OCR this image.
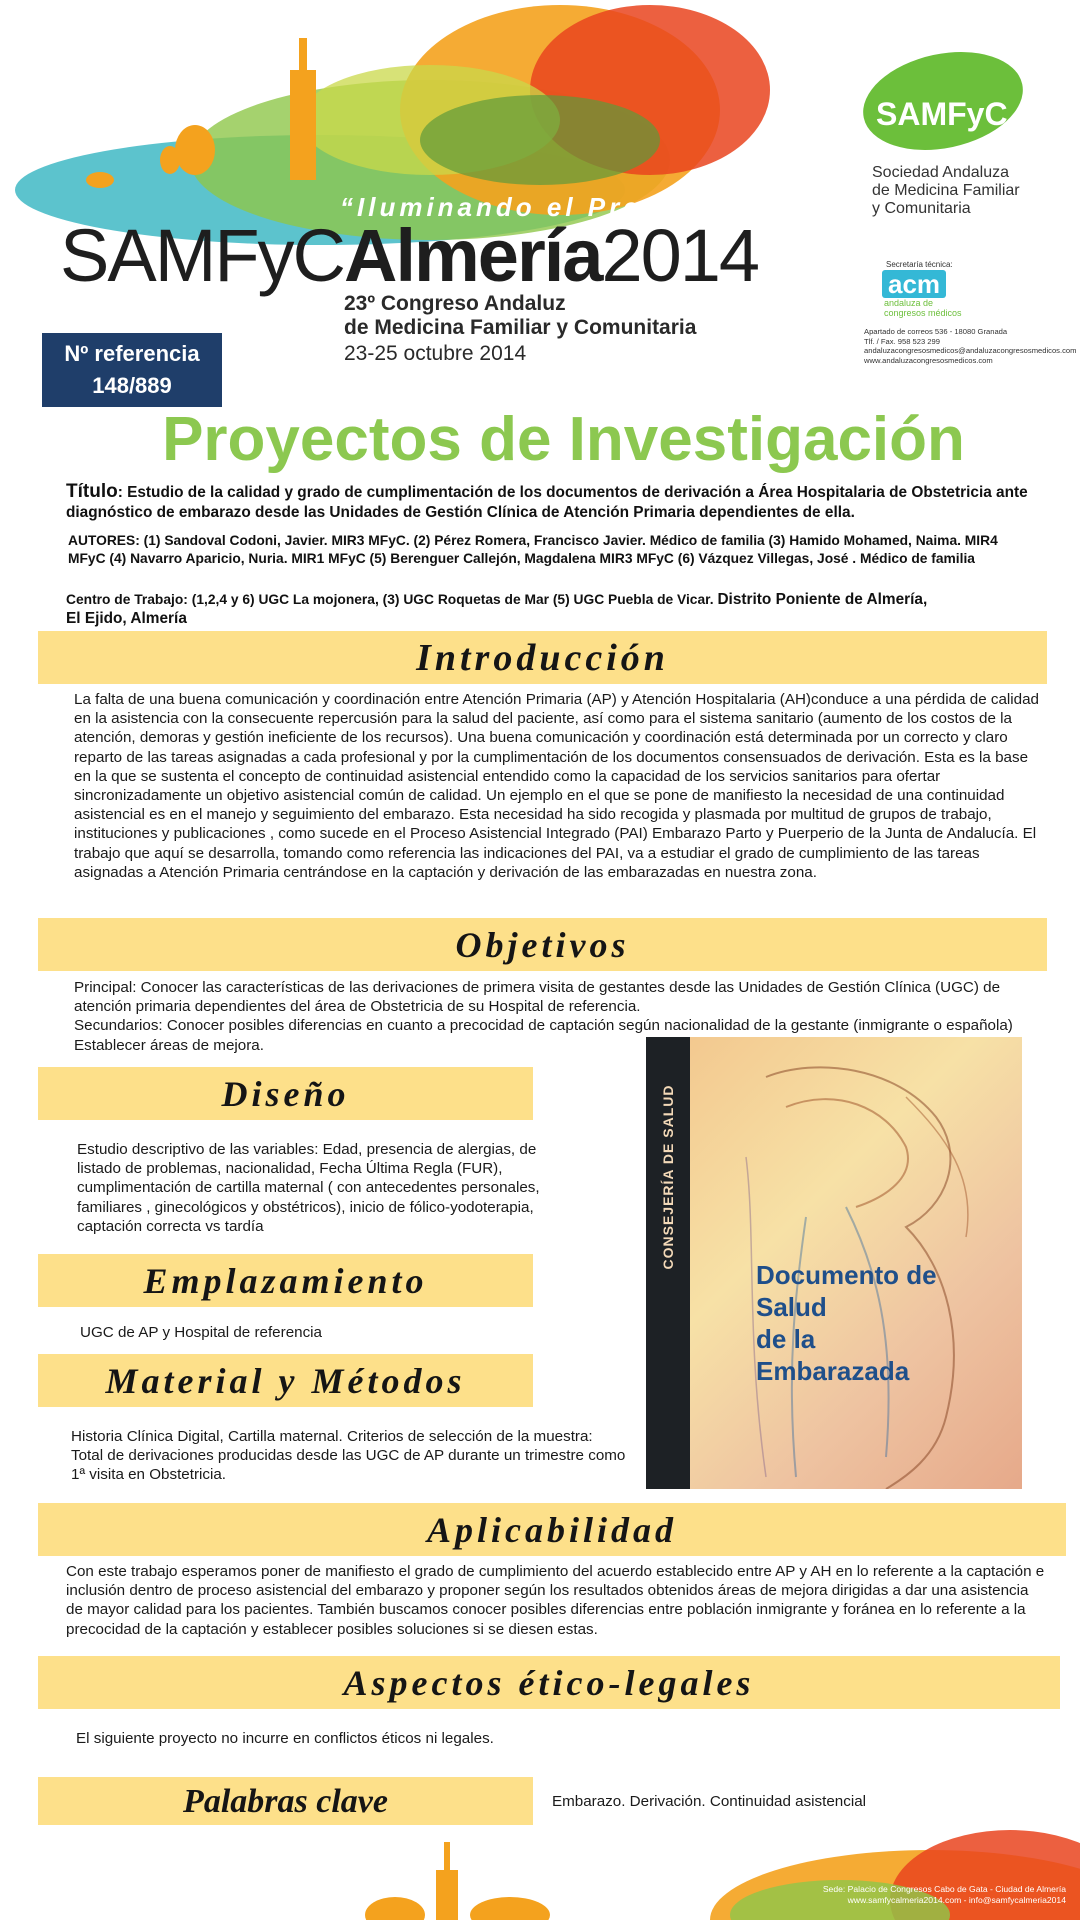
“Iluminando el Presente”
SAMFyCAlmería2014
23º Congreso Andaluz
de Medicina Familiar y Comunitaria
23-25 octubre 2014
SAMFyC
Sociedad Andaluza
de Medicina Familiar
y Comunitaria
Secretaría técnica:
acm
andaluza de
congresos médicos
Apartado de correos 536 - 18080 Granada
Tlf. / Fax. 958 523 299
andaluzacongresosmedicos@andaluzacongresosmedicos.com
www.andaluzacongresosmedicos.com
Nº referencia
148/889
Proyectos de Investigación
Título: Estudio de la calidad y grado de cumplimentación de los documentos de derivación a Área Hospitalaria de Obstetricia ante diagnóstico de embarazo desde las Unidades de Gestión Clínica de Atención Primaria dependientes de ella.
AUTORES: (1) Sandoval Codoni, Javier. MIR3 MFyC. (2) Pérez Romera, Francisco Javier. Médico de familia (3) Hamido Mohamed, Naima. MIR4 MFyC (4) Navarro Aparicio, Nuria. MIR1 MFyC (5) Berenguer Callejón, Magdalena MIR3 MFyC (6) Vázquez Villegas, José . Médico de familia
Centro de Trabajo: (1,2,4 y 6) UGC La mojonera, (3) UGC Roquetas de Mar (5) UGC Puebla de Vicar. Distrito Poniente de Almería,
El Ejido, Almería
Introducción
La falta de una buena comunicación y coordinación entre Atención Primaria (AP) y Atención Hospitalaria (AH)conduce a una pérdida de calidad en la asistencia con la consecuente repercusión para la salud del paciente, así como para el sistema sanitario (aumento de los costos de la atención, demoras y gestión ineficiente de los recursos). Una buena comunicación y coordinación está determinada por un correcto y claro reparto de las tareas asignadas a cada profesional y por la cumplimentación de los documentos consensuados de derivación. Esta es la base en la que se sustenta el concepto de continuidad asistencial entendido como la capacidad de los servicios sanitarios para ofertar sincronizadamente un objetivo asistencial común de calidad. Un ejemplo en el que se pone de manifiesto la necesidad de una continuidad asistencial es en el manejo y seguimiento del embarazo. Esta necesidad ha sido recogida y plasmada por multitud de grupos de trabajo, instituciones y publicaciones , como sucede en el Proceso Asistencial Integrado (PAI) Embarazo Parto y Puerperio de la Junta de Andalucía. El trabajo que aquí se desarrolla, tomando como referencia las indicaciones del PAI, va a estudiar el grado de cumplimiento de las tareas asignadas a Atención Primaria centrándose en la captación y derivación de las embarazadas en nuestra zona.
Objetivos
Principal: Conocer las características de las derivaciones de primera visita de gestantes desde las Unidades de Gestión Clínica (UGC) de atención primaria dependientes del área de Obstetricia de su Hospital de referencia.
Secundarios: Conocer posibles diferencias en cuanto a precocidad de captación según nacionalidad de la gestante (inmigrante o española) Establecer áreas de mejora.
Diseño
Estudio descriptivo de las variables: Edad, presencia de alergias, de listado de problemas, nacionalidad, Fecha Última Regla (FUR), cumplimentación de cartilla maternal ( con antecedentes personales, familiares , ginecológicos y obstétricos), inicio de fólico-yodoterapia, captación correcta vs tardía
Emplazamiento
UGC de AP y Hospital de referencia
Material y Métodos
Historia Clínica Digital, Cartilla maternal. Criterios de selección de la muestra: Total de derivaciones producidas desde las UGC de AP durante un trimestre como 1ª visita en Obstetricia.
CONSEJERÍA DE SALUD
Documento de
Salud
de la
Embarazada
Aplicabilidad
Con este trabajo esperamos poner de manifiesto el grado de cumplimiento del acuerdo establecido entre AP y AH en lo referente a la captación e inclusión dentro de proceso asistencial del embarazo y proponer según los resultados obtenidos áreas de mejora dirigidas a dar una asistencia de mayor calidad para los pacientes. También buscamos conocer posibles diferencias entre población inmigrante y foránea en lo referente a la precocidad de la captación y establecer posibles soluciones si se diesen estas.
Aspectos ético-legales
El siguiente proyecto no incurre en conflictos éticos ni legales.
Palabras clave	Embarazo. Derivación. Continuidad asistencial
Sede: Palacio de Congresos Cabo de Gata - Ciudad de Almería
www.samfycalmeria2014.com - info@samfycalmeria2014
